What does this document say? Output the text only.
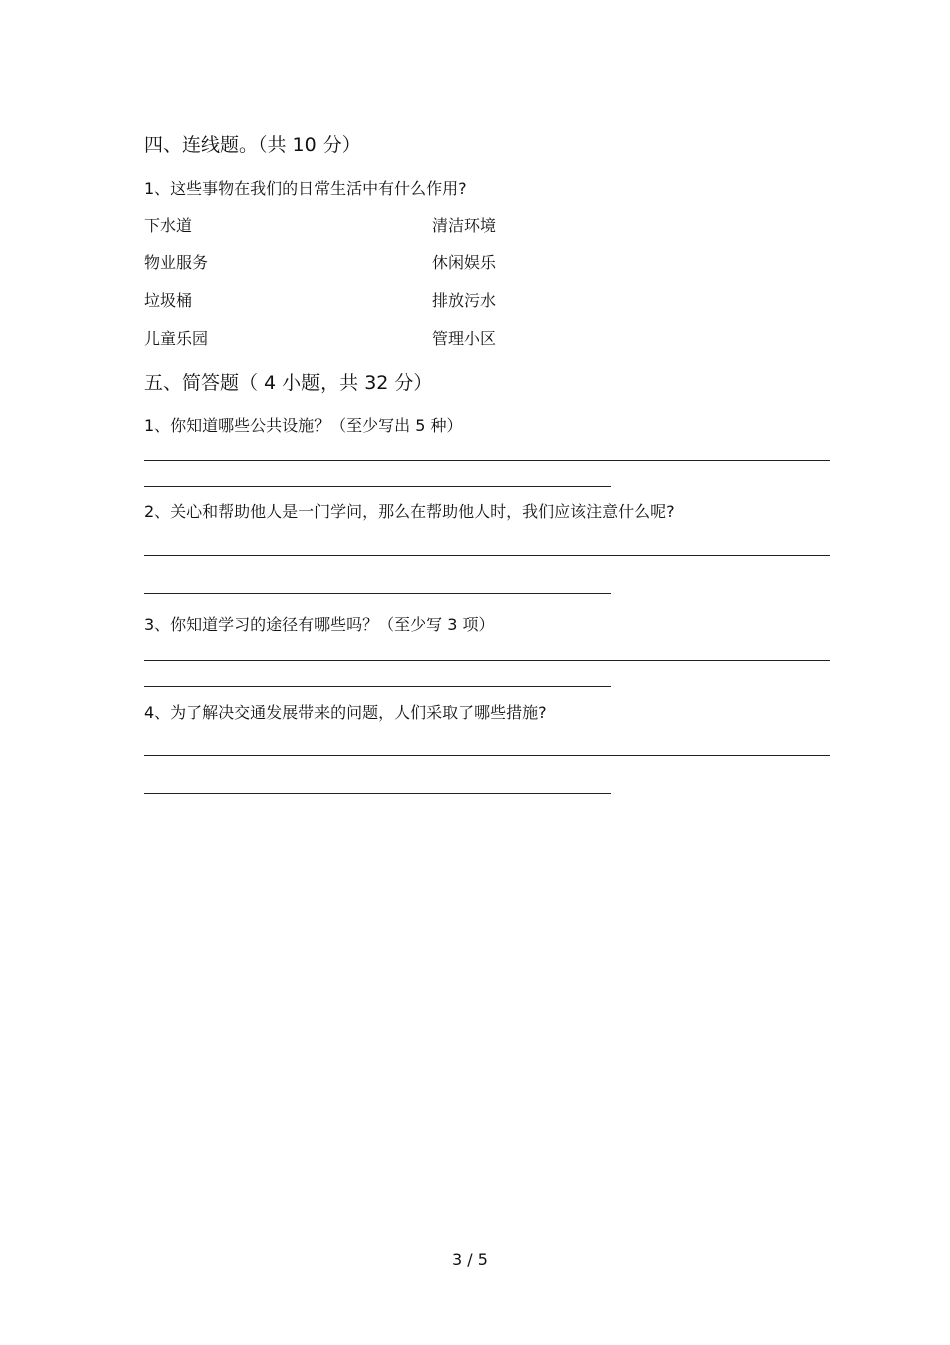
四、连线题。（共 10 分）
1、这些事物在我们的日常生活中有什么作用?
下水道	清洁环境
物业服务	休闲娱乐
垃圾桶	排放污水
儿童乐园	管理小区
五、简答题（ 4 小题，共 32 分）
1、你知道哪些公共设施？（至少写出 5 种）
2、关心和帮助他人是一门学问，那么在帮助他人时，我们应该注意什么呢?
3、你知道学习的途径有哪些吗？（至少写 3 项）
4、为了解决交通发展带来的问题，人们采取了哪些措施?
3 / 5
